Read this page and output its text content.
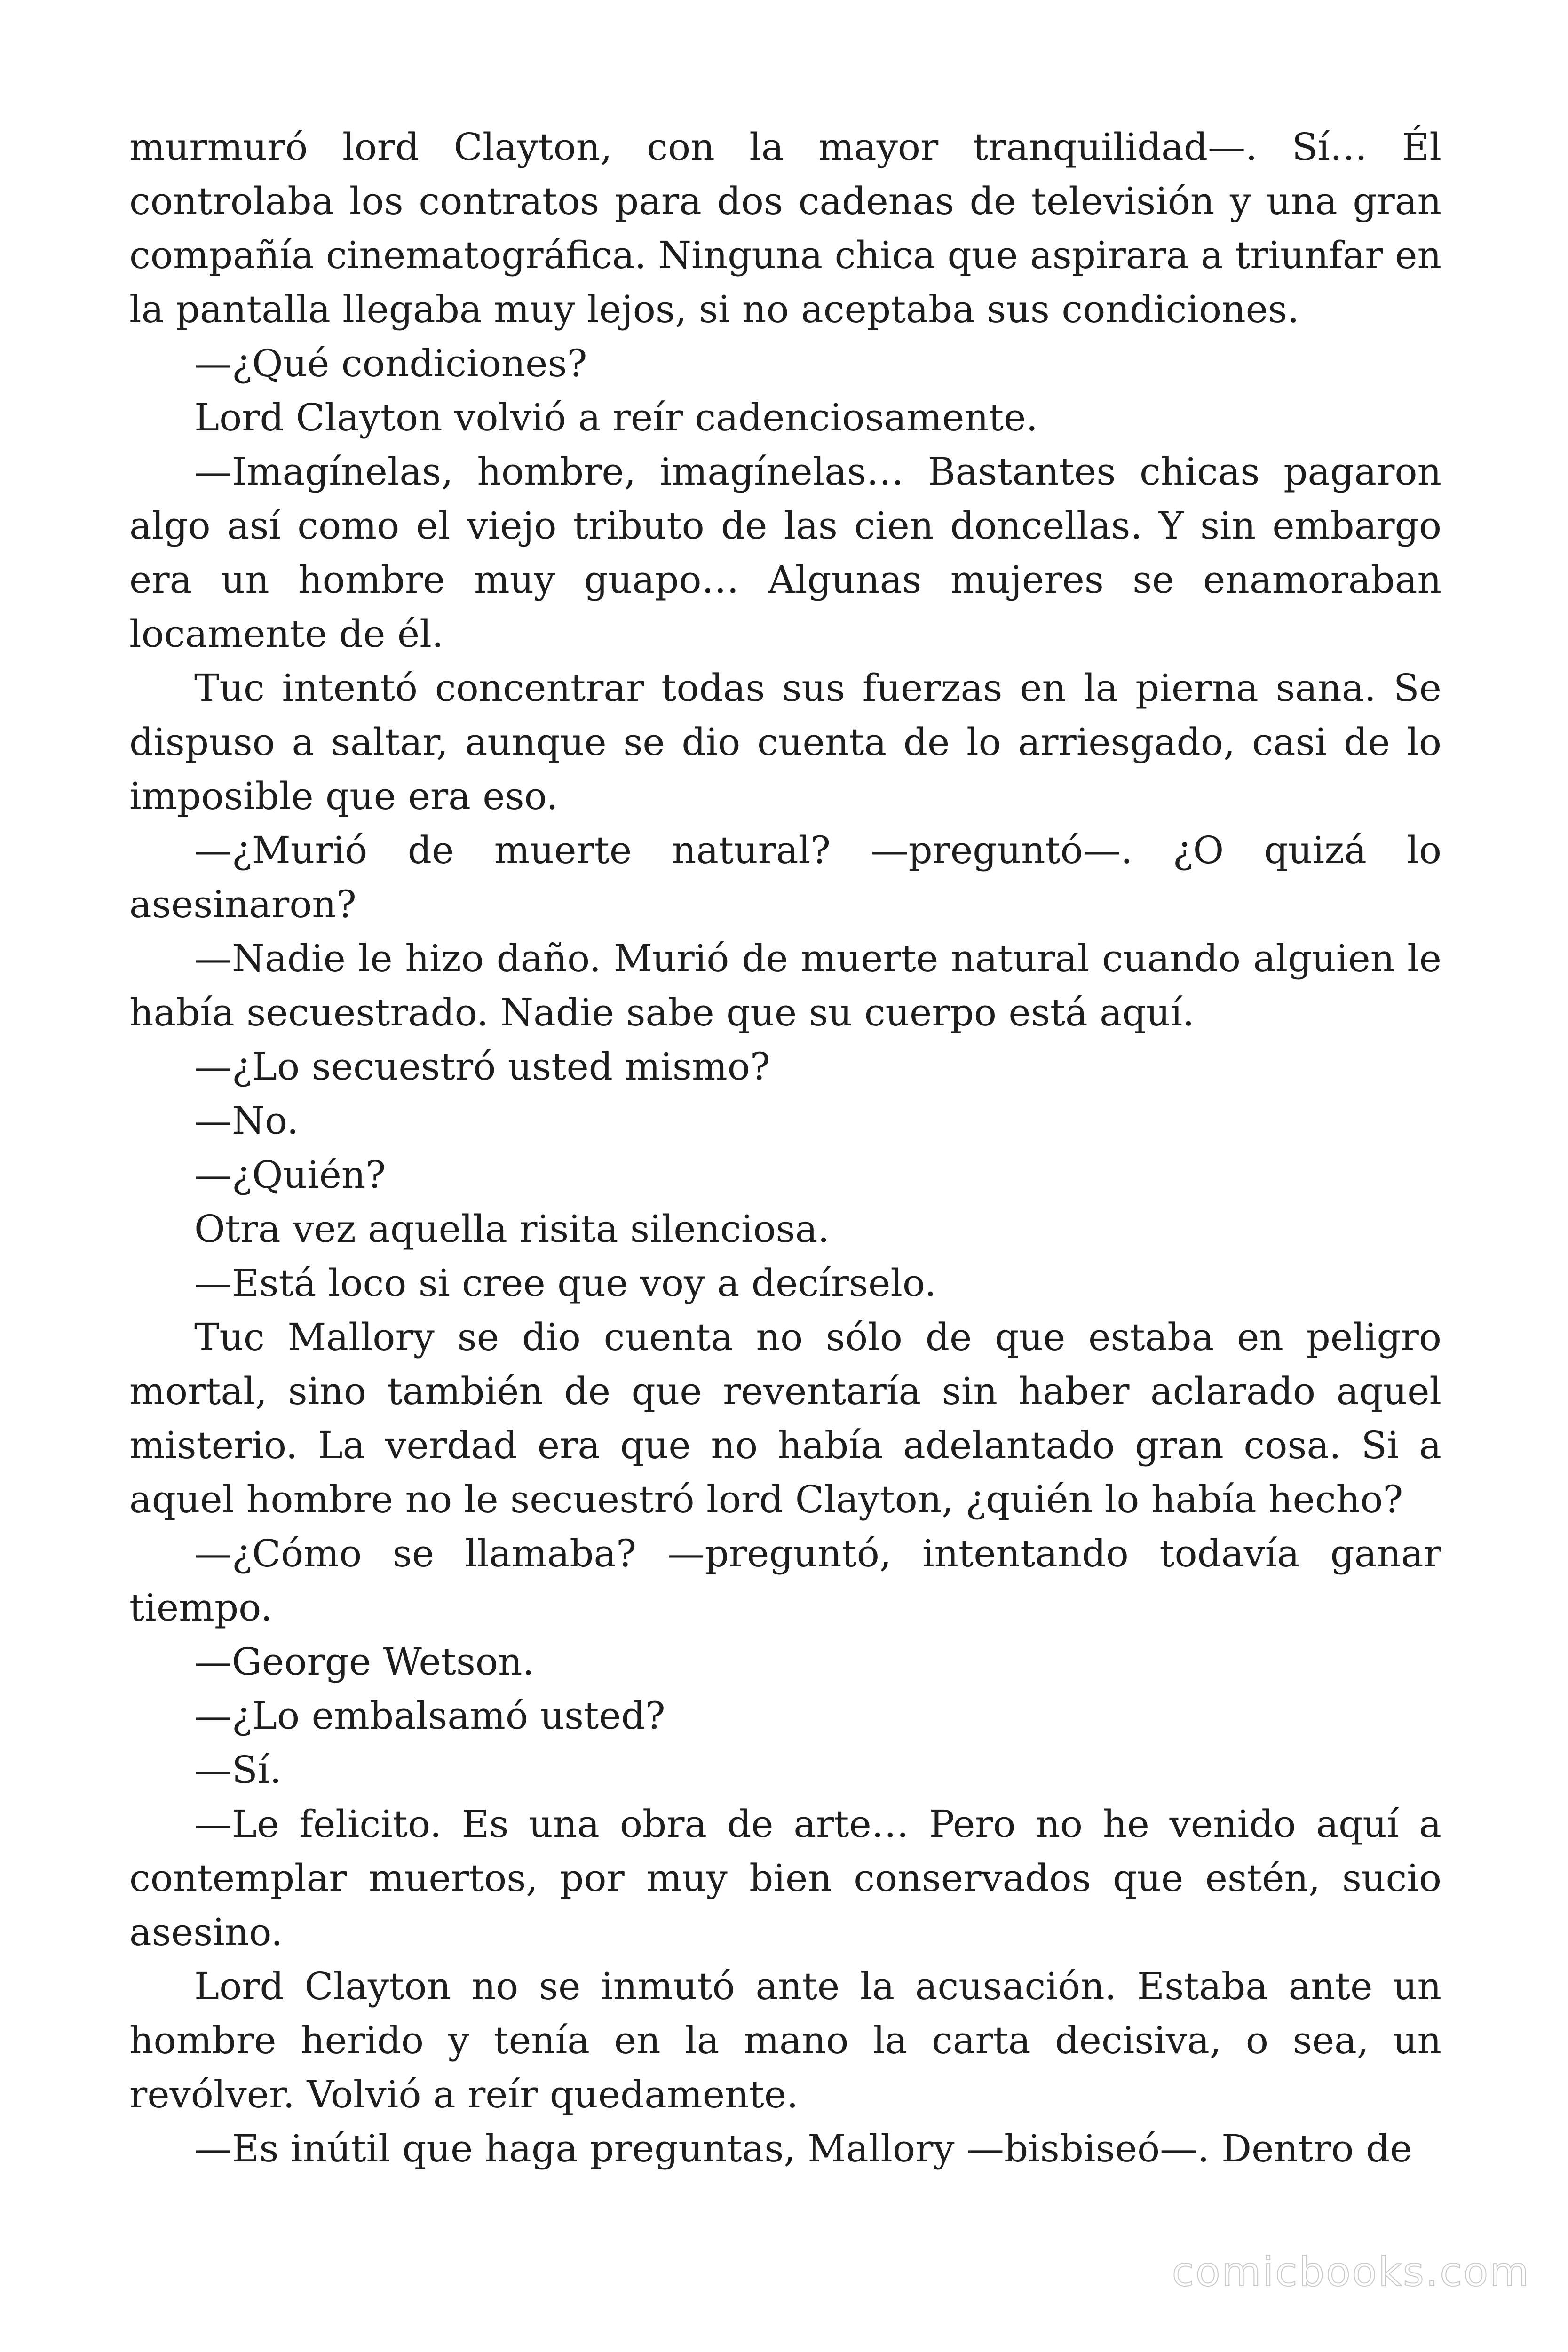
murmuró lord Clayton, con la mayor tranquilidad—. Sí… Él controlaba los contratos para dos cadenas de televisión y una gran compañía cinematográfica. Ninguna chica que aspirara a triunfar en la pantalla llegaba muy lejos, si no aceptaba sus condiciones.

—¿Qué condiciones?

Lord Clayton volvió a reír cadenciosamente.

—Imagínelas, hombre, imagínelas… Bastantes chicas pagaron algo así como el viejo tributo de las cien doncellas. Y sin embargo era un hombre muy guapo… Algunas mujeres se enamoraban locamente de él.

Tuc intentó concentrar todas sus fuerzas en la pierna sana. Se dispuso a saltar, aunque se dio cuenta de lo arriesgado, casi de lo imposible que era eso.

—¿Murió de muerte natural? —preguntó—. ¿O quizá lo asesinaron?

—Nadie le hizo daño. Murió de muerte natural cuando alguien le había secuestrado. Nadie sabe que su cuerpo está aquí.

—¿Lo secuestró usted mismo?

—No.

—¿Quién?

Otra vez aquella risita silenciosa.

—Está loco si cree que voy a decírselo.

Tuc Mallory se dio cuenta no sólo de que estaba en peligro mortal, sino también de que reventaría sin haber aclarado aquel misterio. La verdad era que no había adelantado gran cosa. Si a aquel hombre no le secuestró lord Clayton, ¿quién lo había hecho?

—¿Cómo se llamaba? —preguntó, intentando todavía ganar tiempo.

—George Wetson.

—¿Lo embalsamó usted?

—Sí.

—Le felicito. Es una obra de arte… Pero no he venido aquí a contemplar muertos, por muy bien conservados que estén, sucio asesino.

Lord Clayton no se inmutó ante la acusación. Estaba ante un hombre herido y tenía en la mano la carta decisiva, o sea, un revólver. Volvió a reír quedamente.

—Es inútil que haga preguntas, Mallory —bisbiseó—. Dentro de

comicbooks.com
